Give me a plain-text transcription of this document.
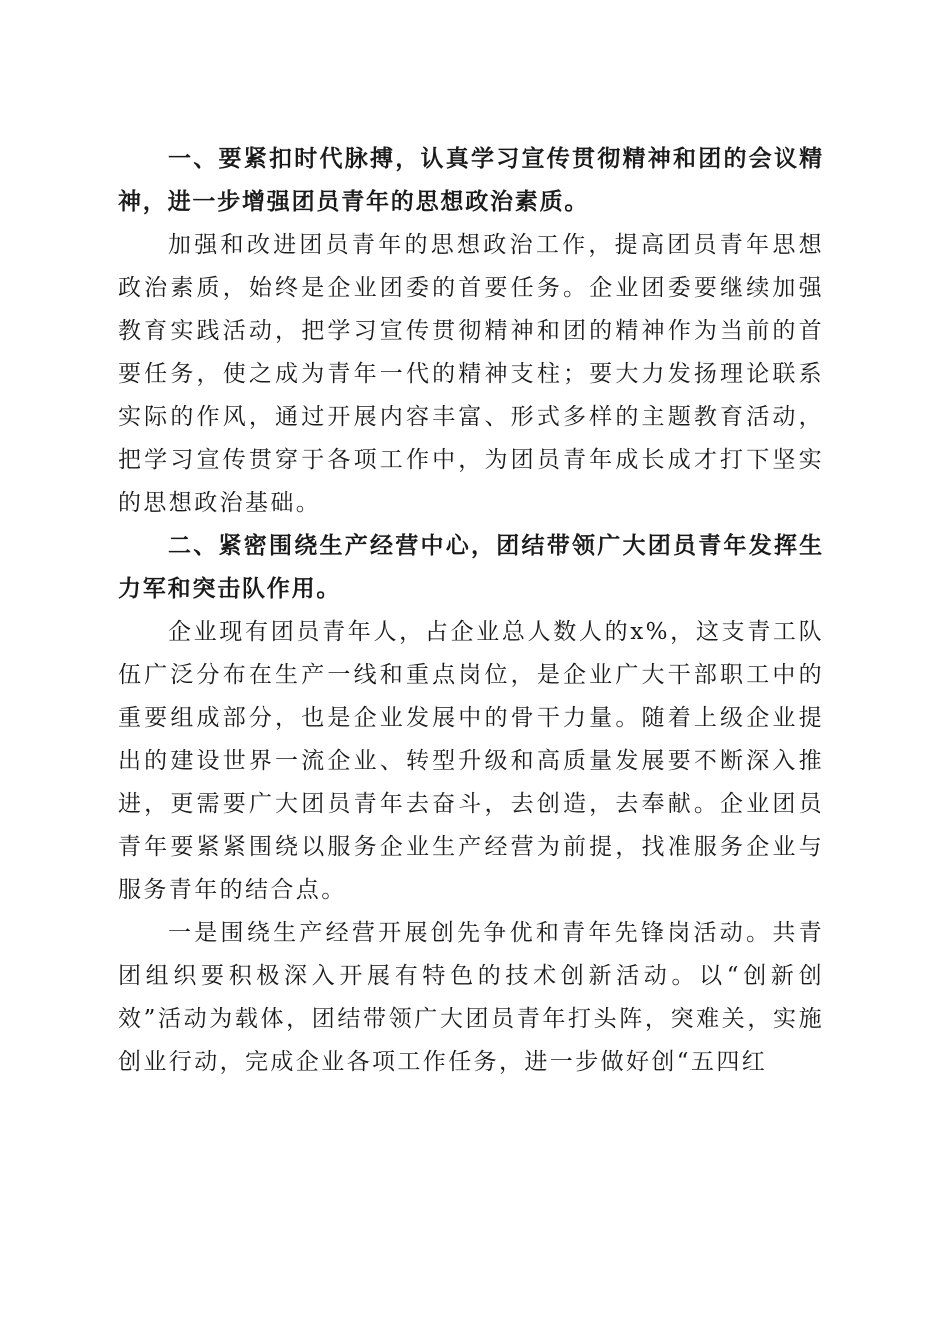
一、要紧扣时代脉搏，认真学习宣传贯彻精神和团的会议精神，进一步增强团员青年的思想政治素质。

加强和改进团员青年的思想政治工作，提高团员青年思想政治素质，始终是企业团委的首要任务。企业团委要继续加强教育实践活动，把学习宣传贯彻精神和团的精神作为当前的首要任务，使之成为青年一代的精神支柱；要大力发扬理论联系实际的作风，通过开展内容丰富、形式多样的主题教育活动，把学习宣传贯穿于各项工作中，为团员青年成长成才打下坚实的思想政治基础。

二、紧密围绕生产经营中心，团结带领广大团员青年发挥生力军和突击队作用。

企业现有团员青年人，占企业总人数人的x%，这支青工队伍广泛分布在生产一线和重点岗位，是企业广大干部职工中的重要组成部分，也是企业发展中的骨干力量。随着上级企业提出的建设世界一流企业、转型升级和高质量发展要不断深入推进，更需要广大团员青年去奋斗，去创造，去奉献。企业团员青年要紧紧围绕以服务企业生产经营为前提，找准服务企业与服务青年的结合点。

一是围绕生产经营开展创先争优和青年先锋岗活动。共青团组织要积极深入开展有特色的技术创新活动。以“创新创效”活动为载体，团结带领广大团员青年打头阵，突难关，实施创业行动，完成企业各项工作任务，进一步做好创“五四红
